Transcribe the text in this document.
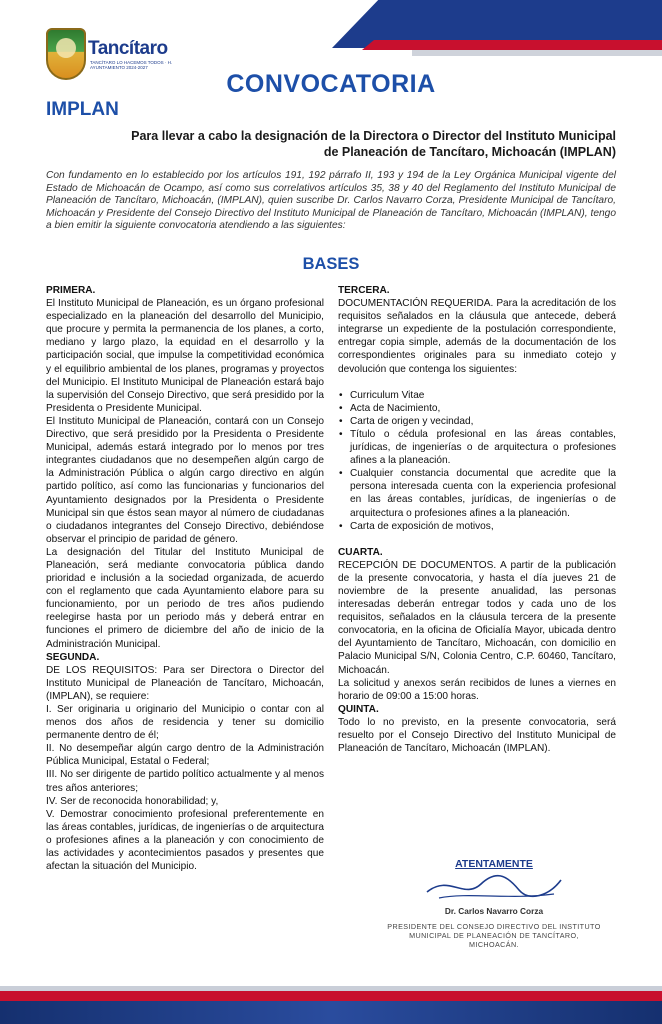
Tancítaro
TANCÍTARO LO HACEMOS TODOS · H. AYUNTAMIENTO 2024-2027
CONVOCATORIA
IMPLAN
Para llevar a cabo la designación de la Directora o Director del Instituto Municipal
de Planeación de Tancítaro, Michoacán (IMPLAN)
Con fundamento en lo establecido por los artículos 191, 192 párrafo II, 193 y 194 de la Ley Orgánica Municipal vigente del Estado de Michoacán de Ocampo, así como sus correlativos artículos 35, 38 y 40 del Reglamento del Instituto Municipal de Planeación de Tancítaro, Michoacán, (IMPLAN), quien suscribe Dr. Carlos Navarro Corza, Presidente Municipal de Tancítaro, Michoacán y Presidente del Consejo Directivo del Instituto Municipal de Planeación de Tancítaro, Michoacán (IMPLAN), tengo a bien emitir la siguiente convocatoria atendiendo a las siguientes:
BASES

PRIMERA.

El Instituto Municipal de Planeación, es un órgano profesional especializado en la planeación del desarrollo del Municipio, que procure y permita la permanencia de los planes, a corto, mediano y largo plazo, la equidad en el desarrollo y la participación social, que impulse la competitividad económica y el equilibrio ambiental de los planes, programas y proyectos del Municipio. El Instituto Municipal de Planeación estará bajo la supervisión del Consejo Directivo, que será presidido por la Presidenta o Presidente Municipal.

El Instituto Municipal de Planeación, contará con un Consejo Directivo, que será presidido por la Presidenta o Presidente Municipal, además estará integrado por lo menos por tres integrantes ciudadanos que no desempeñen algún cargo de la Administración Pública o algún cargo directivo en algún partido político, así como las funcionarias y funcionarios del Ayuntamiento designados por la Presidenta o Presidente Municipal sin que éstos sean mayor al número de ciudadanas o ciudadanos integrantes del Consejo Directivo, debiéndose observar el principio de paridad de género.

La designación del Titular del Instituto Municipal de Planeación, será mediante convocatoria pública dando prioridad e inclusión a la sociedad organizada, de acuerdo con el reglamento que cada Ayuntamiento elabore para su funcionamiento, por un periodo de tres años pudiendo reelegirse hasta por un periodo más y deberá entrar en funciones el primero de diciembre del año de inicio de la Administración Municipal.

SEGUNDA.

DE LOS REQUISITOS: Para ser Directora o Director del Instituto Municipal de Planeación de Tancítaro, Michoacán, (IMPLAN), se requiere:

I. Ser originaria u originario del Municipio o contar con al menos dos años de residencia y tener su domicilio permanente dentro de él;

II. No desempeñar algún cargo dentro de la Administración Pública Municipal, Estatal o Federal;

III. No ser dirigente de partido político actualmente y al menos tres años anteriores;

IV. Ser de reconocida honorabilidad; y,

V. Demostrar conocimiento profesional preferentemente en las áreas contables, jurídicas, de ingenierías o de arquitectura o profesiones afines a la planeación y con conocimiento de las actividades y acontecimientos pasados y presentes que afectan la situación del Municipio.

TERCERA.

DOCUMENTACIÓN REQUERIDA. Para la acreditación de los requisitos señalados en la cláusula que antecede, deberá integrarse un expediente de la postulación correspondiente, entregar copia simple, además de la documentación de los correspondientes originales para su inmediato cotejo y devolución que contenga los siguientes:

• Curriculum Vitae
• Acta de Nacimiento,
• Carta de origen y vecindad,
• Título o cédula profesional en las áreas contables, jurídicas, de ingenierías o de arquitectura o profesiones afines a la planeación.
• Cualquier constancia documental que acredite que la persona interesada cuenta con la experiencia profesional en las áreas contables, jurídicas, de ingenierías o de arquitectura o profesiones afines a la planeación.
• Carta de exposición de motivos,

CUARTA.

RECEPCIÓN DE DOCUMENTOS. A partir de la publicación de la presente convocatoria, y hasta el día jueves 21 de noviembre de la presente anualidad, las personas interesadas deberán entregar todos y cada uno de los requisitos, señalados en la cláusula tercera de la presente convocatoria, en la oficina de Oficialía Mayor, ubicada dentro del Ayuntamiento de Tancítaro, Michoacán, con domicilio en Palacio Municipal S/N, Colonia Centro, C.P. 60460, Tancítaro, Michoacán.

La solicitud y anexos serán recibidos de lunes a viernes en horario de 09:00 a 15:00 horas.

QUINTA.

Todo lo no previsto, en la presente convocatoria, será resuelto por el Consejo Directivo del Instituto Municipal de Planeación de Tancítaro, Michoacán (IMPLAN).

ATENTAMENTE
Dr. Carlos Navarro Corza
PRESIDENTE DEL CONSEJO DIRECTIVO DEL INSTITUTO MUNICIPAL DE PLANEACIÓN DE TANCÍTARO, MICHOACÁN.
